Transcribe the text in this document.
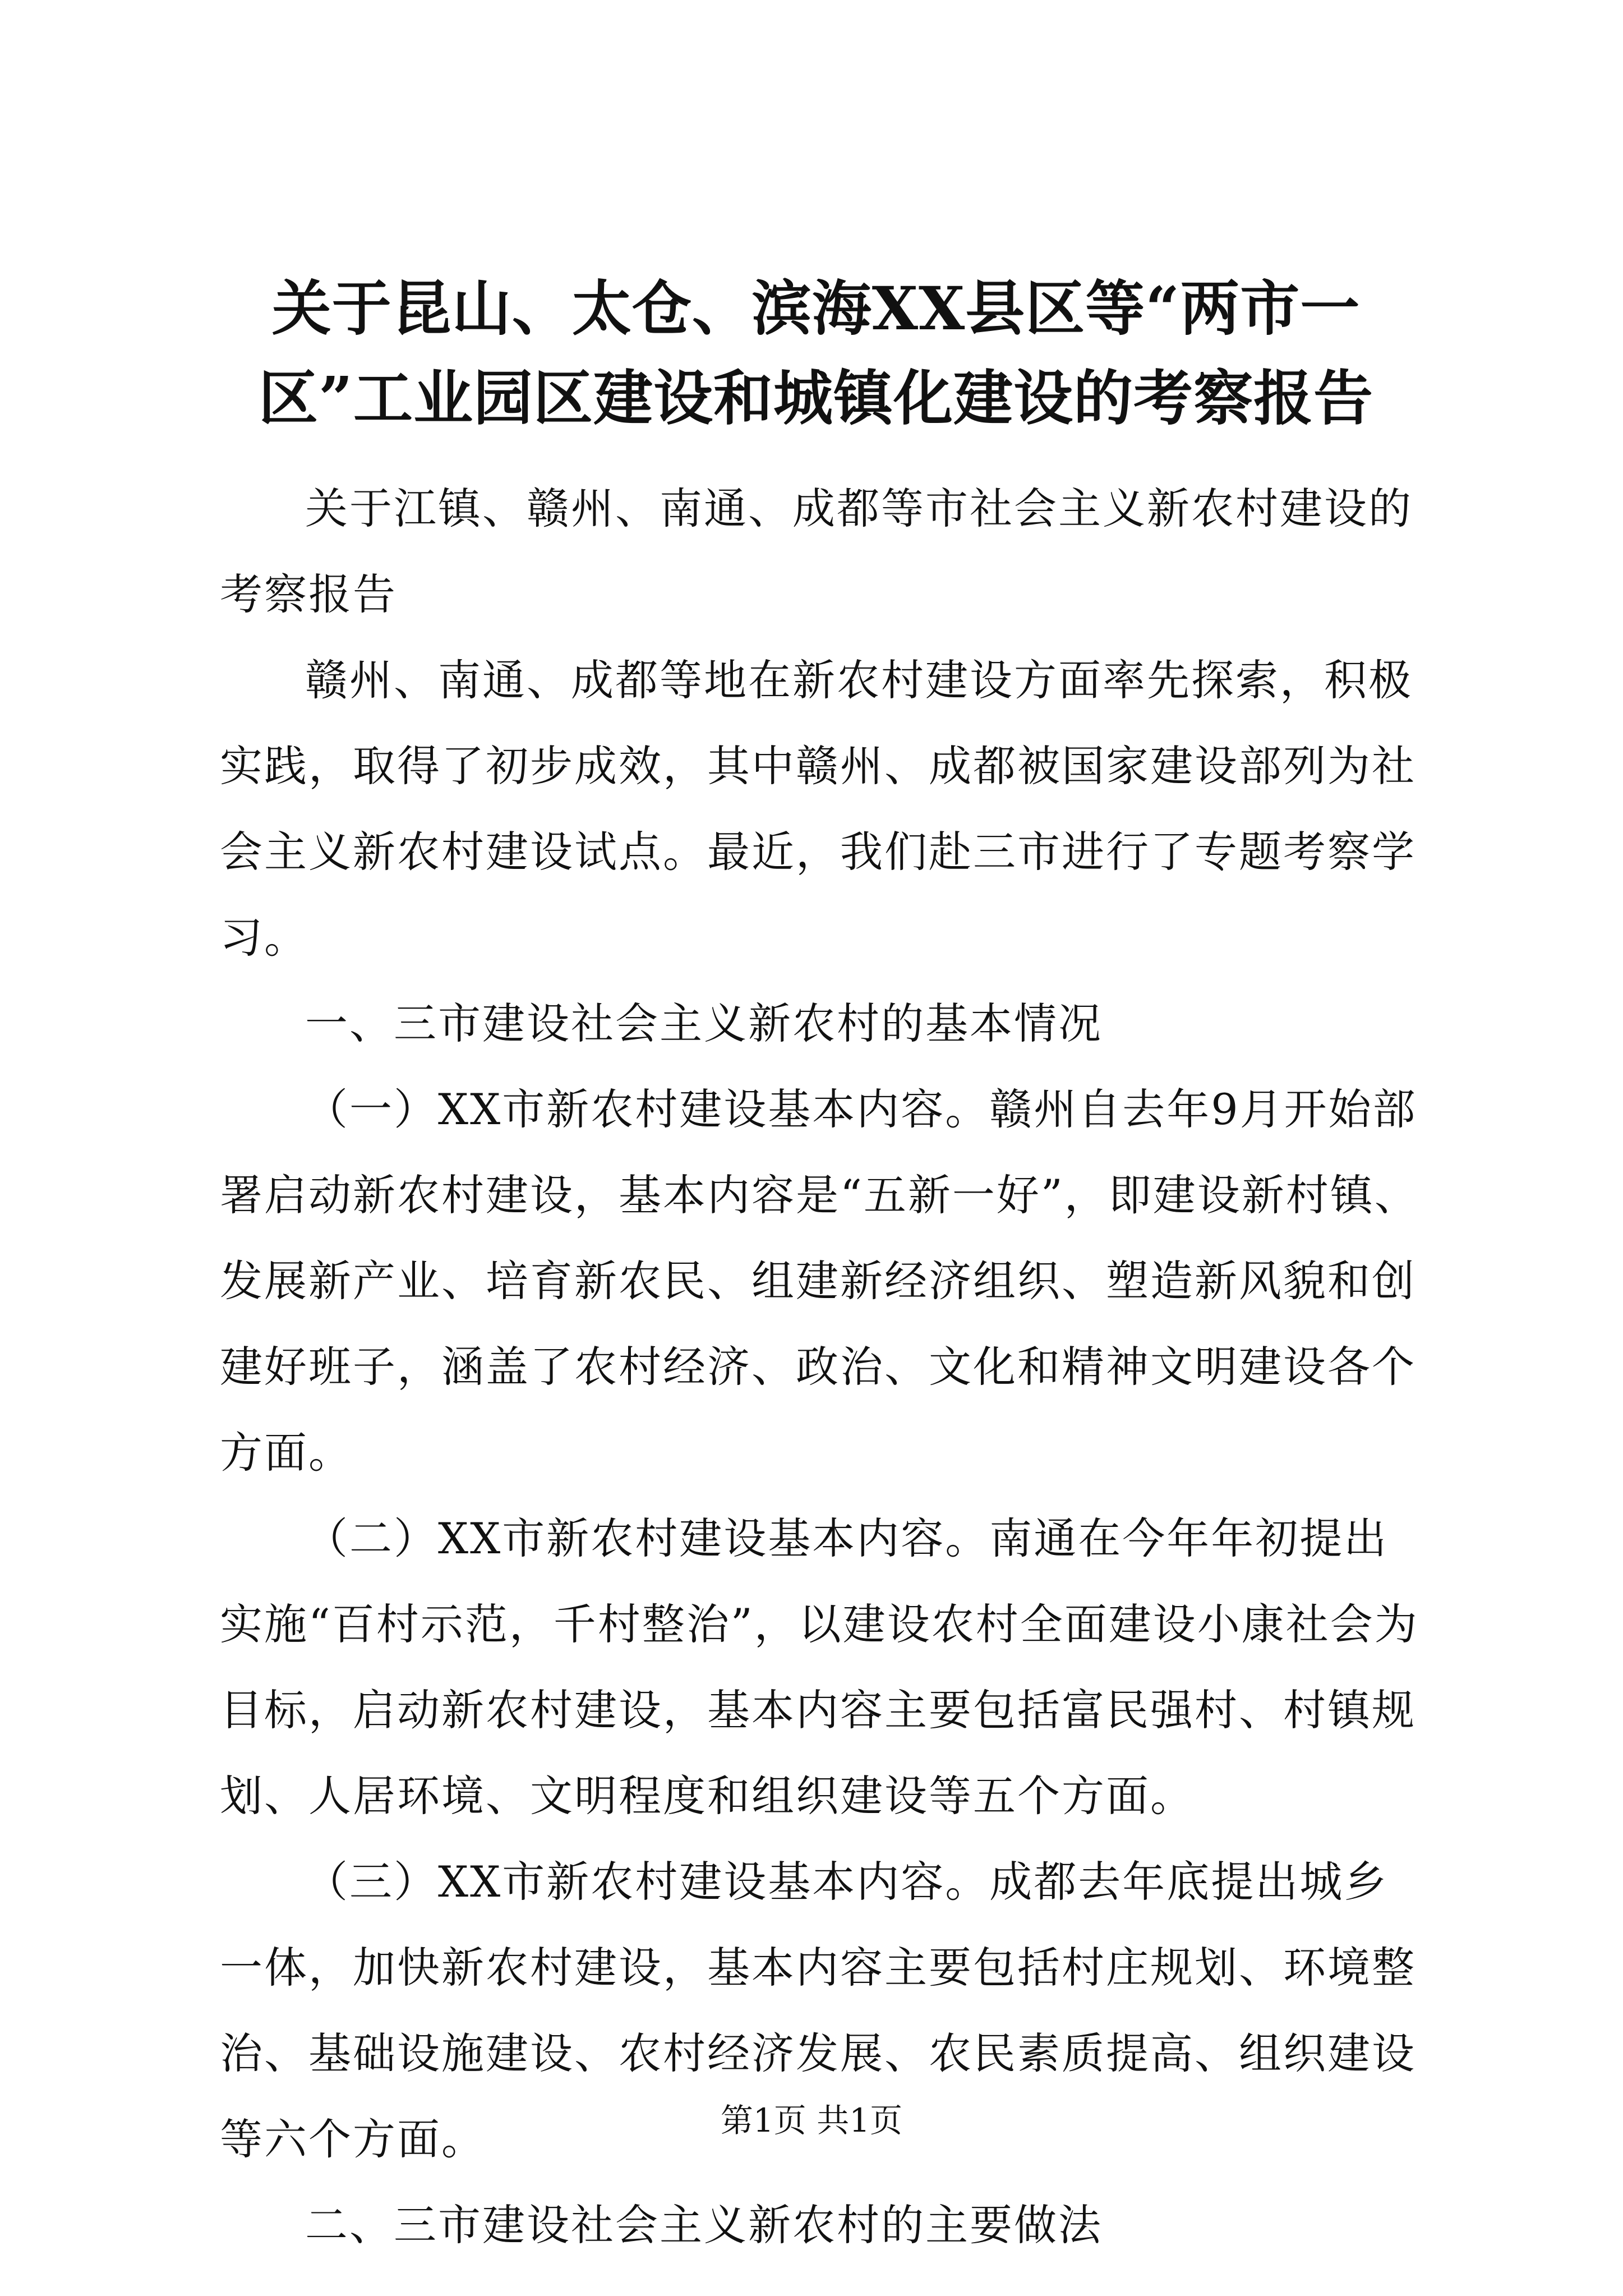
关于昆山、太仓、滨海XX县区等“两市一
区”工业园区建设和城镇化建设的考察报告

关于江镇、赣州、南通、成都等市社会主义新农村建设的考察报告

赣州、南通、成都等地在新农村建设方面率先探索，积极实践，取得了初步成效，其中赣州、成都被国家建设部列为社会主义新农村建设试点。最近，我们赴三市进行了专题考察学习。

一、三市建设社会主义新农村的基本情况

（一）XX市新农村建设基本内容。赣州自去年9月开始部署启动新农村建设，基本内容是“五新一好”，即建设新村镇、发展新产业、培育新农民、组建新经济组织、塑造新风貌和创建好班子，涵盖了农村经济、政治、文化和精神文明建设各个方面。

（二）XX市新农村建设基本内容。南通在今年年初提出实施“百村示范，千村整治”，以建设农村全面建设小康社会为目标，启动新农村建设，基本内容主要包括富民强村、村镇规划、人居环境、文明程度和组织建设等五个方面。

（三）XX市新农村建设基本内容。成都去年底提出城乡一体，加快新农村建设，基本内容主要包括村庄规划、环境整治、基础设施建设、农村经济发展、农民素质提高、组织建设等六个方面。

二、三市建设社会主义新农村的主要做法

第1页 共1页
